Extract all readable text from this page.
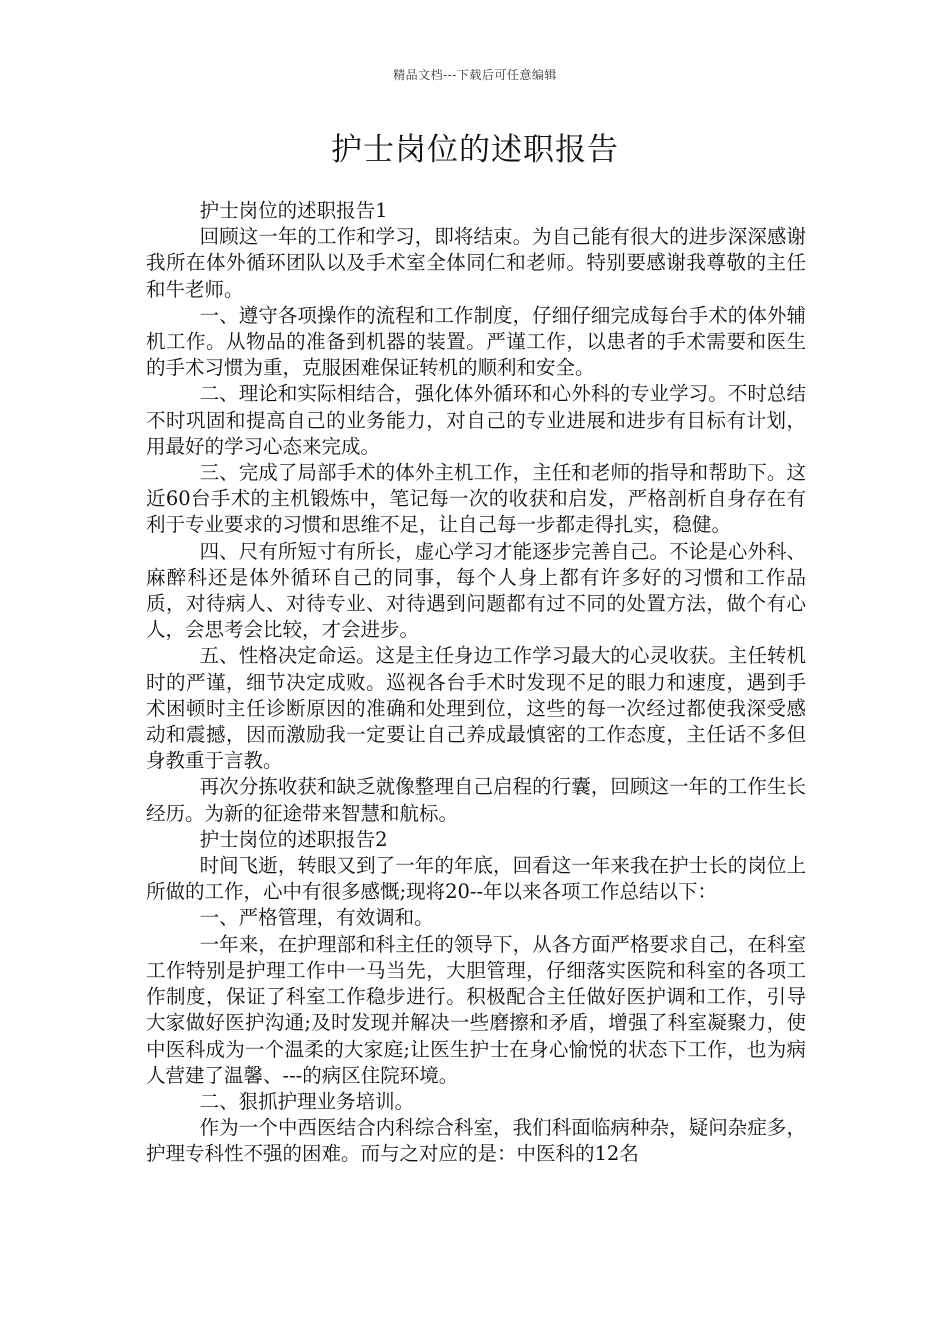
精品文档---下载后可任意编辑
护士岗位的述职报告

护士岗位的述职报告1

回顾这一年的工作和学习，即将结束。为自己能有很大的进步深深感谢我所在体外循环团队以及手术室全体同仁和老师。特别要感谢我尊敬的主任和牛老师。

一、遵守各项操作的流程和工作制度，仔细仔细完成每台手术的体外辅机工作。从物品的准备到机器的装置。严谨工作，以患者的手术需要和医生的手术习惯为重，克服困难保证转机的顺利和安全。

二、理论和实际相结合，强化体外循环和心外科的专业学习。不时总结不时巩固和提高自己的业务能力，对自己的专业进展和进步有目标有计划，用最好的学习心态来完成。

三、完成了局部手术的体外主机工作，主任和老师的指导和帮助下。这近60台手术的主机锻炼中，笔记每一次的收获和启发，严格剖析自身存在有利于专业要求的习惯和思维不足，让自己每一步都走得扎实，稳健。

四、尺有所短寸有所长，虚心学习才能逐步完善自己。不论是心外科、麻醉科还是体外循环自己的同事，每个人身上都有许多好的习惯和工作品质，对待病人、对待专业、对待遇到问题都有过不同的处置方法，做个有心人，会思考会比较，才会进步。

五、性格决定命运。这是主任身边工作学习最大的心灵收获。主任转机时的严谨，细节决定成败。巡视各台手术时发现不足的眼力和速度，遇到手术困顿时主任诊断原因的准确和处理到位，这些的每一次经过都使我深受感动和震撼，因而激励我一定要让自己养成最慎密的工作态度，主任话不多但身教重于言教。

再次分拣收获和缺乏就像整理自己启程的行囊，回顾这一年的工作生长经历。为新的征途带来智慧和航标。

护士岗位的述职报告2

时间飞逝，转眼又到了一年的年底，回看这一年来我在护士长的岗位上所做的工作，心中有很多感慨;现将20--年以来各项工作总结以下：

一、严格管理，有效调和。

一年来，在护理部和科主任的领导下，从各方面严格要求自己，在科室工作特别是护理工作中一马当先，大胆管理，仔细落实医院和科室的各项工作制度，保证了科室工作稳步进行。积极配合主任做好医护调和工作，引导大家做好医护沟通;及时发现并解决一些磨擦和矛盾，增强了科室凝聚力，使中医科成为一个温柔的大家庭;让医生护士在身心愉悦的状态下工作，也为病人营建了温馨、---的病区住院环境。

二、狠抓护理业务培训。

作为一个中西医结合内科综合科室，我们科面临病种杂，疑问杂症多，护理专科性不强的困难。而与之对应的是：中医科的12名
